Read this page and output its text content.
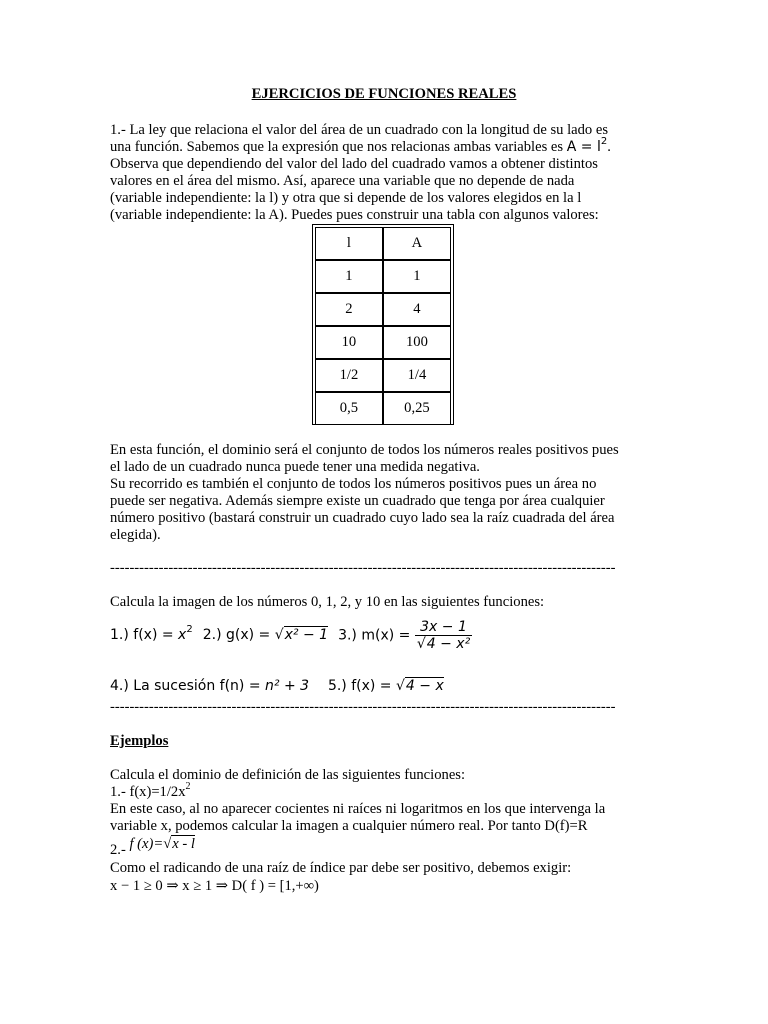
EJERCICIOS DE FUNCIONES REALES
1.- La ley que relaciona el valor del área de un cuadrado con la longitud de su lado es
una función. Sabemos que la expresión que nos relacionas ambas variables es $A = l^2$.
Observa que dependiendo del valor del lado del cuadrado vamos a obtener distintos
valores en el área del mismo. Así, aparece una variable que no depende de nada
(variable independiente: la l) y otra que si depende de los valores elegidos en la l
(variable independiente: la A). Puedes pues construir una tabla con algunos valores:
l	A
1	1
2	4
10	100
1/2	1/4
0,5	0,25
En esta función, el dominio será el conjunto de todos los números reales positivos pues
el lado de un cuadrado nunca puede tener una medida negativa.
Su recorrido es también el conjunto de todos los números positivos pues un área no
puede ser negativa. Además siempre existe un cuadrado que tenga por área cualquier
número positivo (bastará construir un cuadrado cuyo lado sea la raíz cuadrada del área
elegida).
--------------------------------------------------------------------------------------------------------
Calcula la imagen de los números 0, 1, 2, y 10 en las siguientes funciones:
1.) $f(x) = x^2$ 2.) g(x) = √x² − 1 3.) $m(x) = \frac{3x - 1}{\text{√4 − x²}}$
4.) La sucesión f(n) = n² + 3 5.) f(x) = √4 − x
--------------------------------------------------------------------------------------------------------
Ejemplos
Calcula el dominio de definición de las siguientes funciones:
1.- $f(x)=1/2x^2$
En este caso, al no aparecer cocientes ni raíces ni logaritmos en los que intervenga la
variable x, podemos calcular la imagen a cualquier número real. Por tanto D(f)=R
2.- f (x)=√x - l
Como el radicando de una raíz de índice par debe ser positivo, debemos exigir:
x − 1 ≥ 0 ⇒ x ≥ 1 ⇒ D( f ) = [1,+∞)
